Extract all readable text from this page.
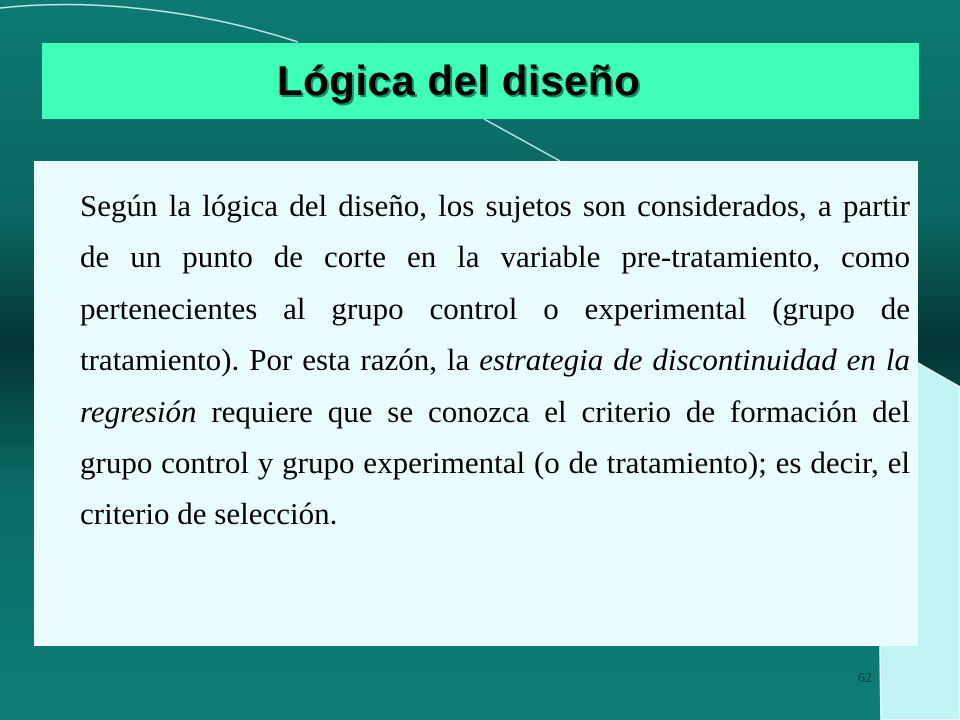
Lógica del diseño

Según la lógica del diseño, los sujetos son considerados, a partir de un punto de corte en la variable pre-tratamiento, como pertenecientes al grupo control o experimental (grupo de tratamiento). Por esta razón, la estrategia de discontinuidad en la regresión requiere que se conozca el criterio de formación del grupo control y grupo experimental (o de tratamiento); es decir, el criterio de selección.

62
